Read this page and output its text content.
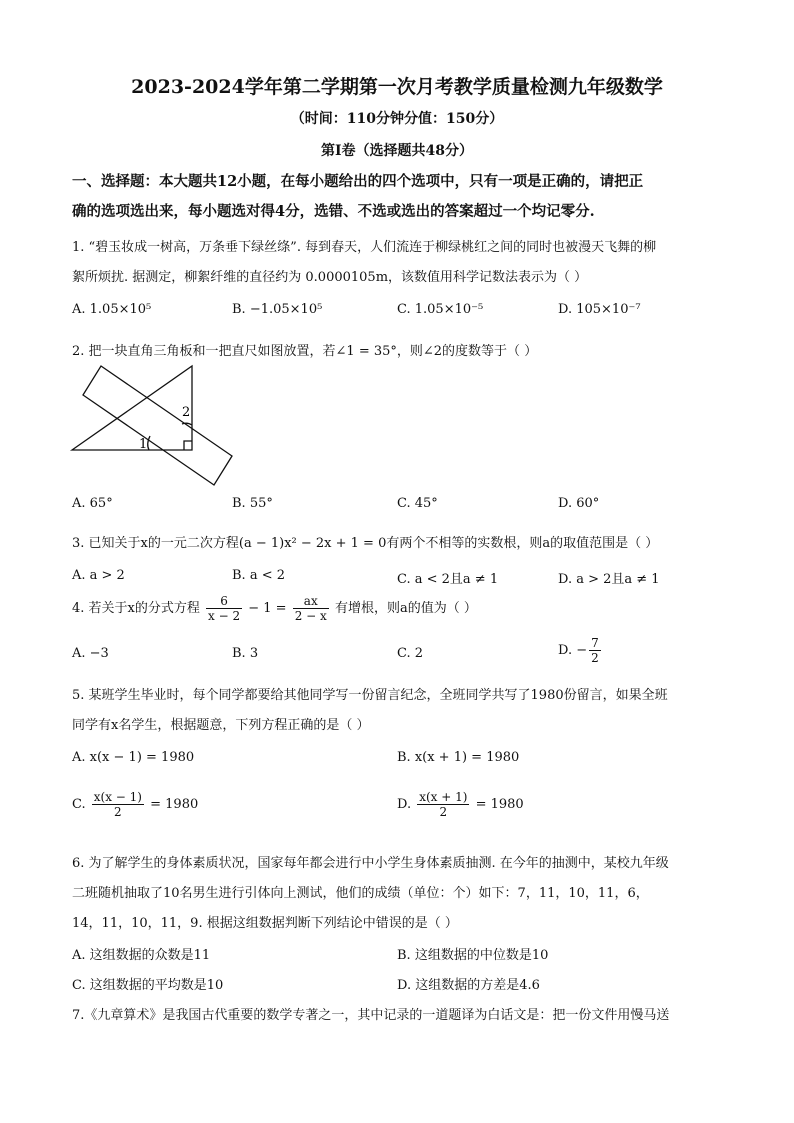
2023-2024学年第二学期第一次月考教学质量检测九年级数学
（时间：110分钟分值：150分）
第I卷（选择题共48分）
一、选择题：本大题共12小题，在每小题给出的四个选项中，只有一项是正确的，请把正
确的选项选出来，每小题选对得4分，选错、不选或选出的答案超过一个均记零分.
1. “碧玉妆成一树高，万条垂下绿丝绦”. 每到春天，人们流连于柳绿桃红之间的同时也被漫天飞舞的柳
絮所烦扰. 据测定，柳絮纤维的直径约为 0.0000105m，该数值用科学记数法表示为（ ）
A. 1.05×10⁵	B. −1.05×10⁵	C. 1.05×10⁻⁵	D. 105×10⁻⁷
2. 把一块直角三角板和一把直尺如图放置，若∠1 = 35°，则∠2的度数等于（ ）
1
2
A. 65°	B. 55°	C. 45°	D. 60°
3. 已知关于x的一元二次方程(a − 1)x² − 2x + 1 = 0有两个不相等的实数根，则a的取值范围是（ ）
A. a > 2	B. a < 2	C. a < 2且a ≠ 1	D. a > 2且a ≠ 1
4. 若关于x的分式方程 $\frac{6}{x - 2} - 1 = \frac{ax}{2 - x}$ 有增根，则a的值为（ ）
A. −3	B. 3	C. 2	D. − $\frac{7}{2}$
5. 某班学生毕业时，每个同学都要给其他同学写一份留言纪念，全班同学共写了1980份留言，如果全班
同学有x名学生，根据题意，下列方程正确的是（ ）
A. x(x − 1) = 1980	B. x(x + 1) = 1980
C. $\frac{x(x - 1)}{2} = 1980$	D. $\frac{x(x + 1)}{2} = 1980$
6. 为了解学生的身体素质状况，国家每年都会进行中小学生身体素质抽测. 在今年的抽测中，某校九年级
二班随机抽取了10名男生进行引体向上测试，他们的成绩（单位：个）如下：7，11，10，11，6，
14，11，10，11，9. 根据这组数据判断下列结论中错误的是（ ）
A. 这组数据的众数是11	B. 这组数据的中位数是10
C. 这组数据的平均数是10	D. 这组数据的方差是4.6
7.《九章算术》是我国古代重要的数学专著之一，其中记录的一道题译为白话文是：把一份文件用慢马送
